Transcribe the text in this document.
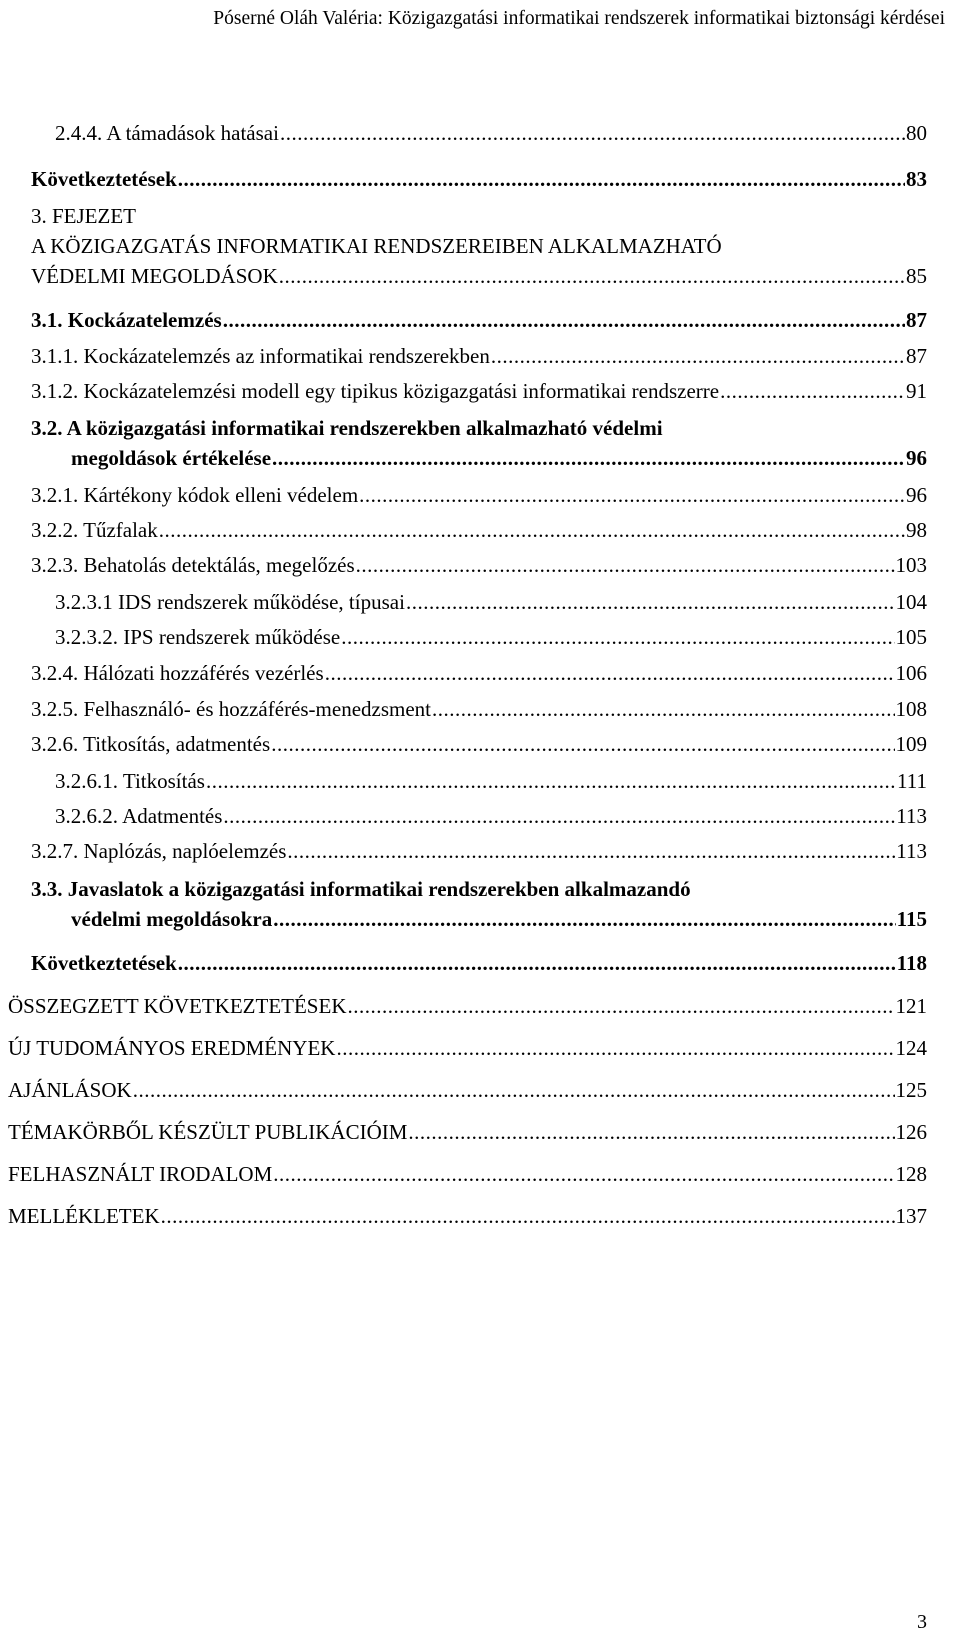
Póserné Oláh Valéria: Közigazgatási informatikai rendszerek informatikai biztonsági kérdései
2.4.4. A támadások hatásai .....	80
Következtetések .....	83
3. FEJEZET
A KÖZIGAZGATÁS INFORMATIKAI RENDSZEREIBEN ALKALMAZHATÓ
VÉDELMI MEGOLDÁSOK .....	85
3.1. Kockázatelemzés .....	87
3.1.1. Kockázatelemzés az informatikai rendszerekben .....	87
3.1.2. Kockázatelemzési modell egy tipikus közigazgatási informatikai rendszerre .....	91
3.2. A közigazgatási informatikai rendszerekben alkalmazható védelmi
megoldások értékelése .....	96
3.2.1. Kártékony kódok elleni védelem .....	96
3.2.2. Tűzfalak .....	98
3.2.3. Behatolás detektálás, megelőzés .....	103
3.2.3.1 IDS rendszerek működése, típusai .....	104
3.2.3.2. IPS rendszerek működése .....	105
3.2.4. Hálózati hozzáférés vezérlés .....	106
3.2.5. Felhasználó- és hozzáférés-menedzsment .....	108
3.2.6. Titkosítás, adatmentés .....	109
3.2.6.1. Titkosítás .....	111
3.2.6.2. Adatmentés .....	113
3.2.7. Naplózás, naplóelemzés .....	113
3.3. Javaslatok a közigazgatási informatikai rendszerekben alkalmazandó
védelmi megoldásokra .....	115
Következtetések .....	118
ÖSSZEGZETT KÖVETKEZTETÉSEK .....	121
ÚJ TUDOMÁNYOS EREDMÉNYEK .....	124
AJÁNLÁSOK .....	125
TÉMAKÖRBŐL KÉSZÜLT PUBLIKÁCIÓIM .....	126
FELHASZNÁLT IRODALOM .....	128
MELLÉKLETEK .....	137
3
